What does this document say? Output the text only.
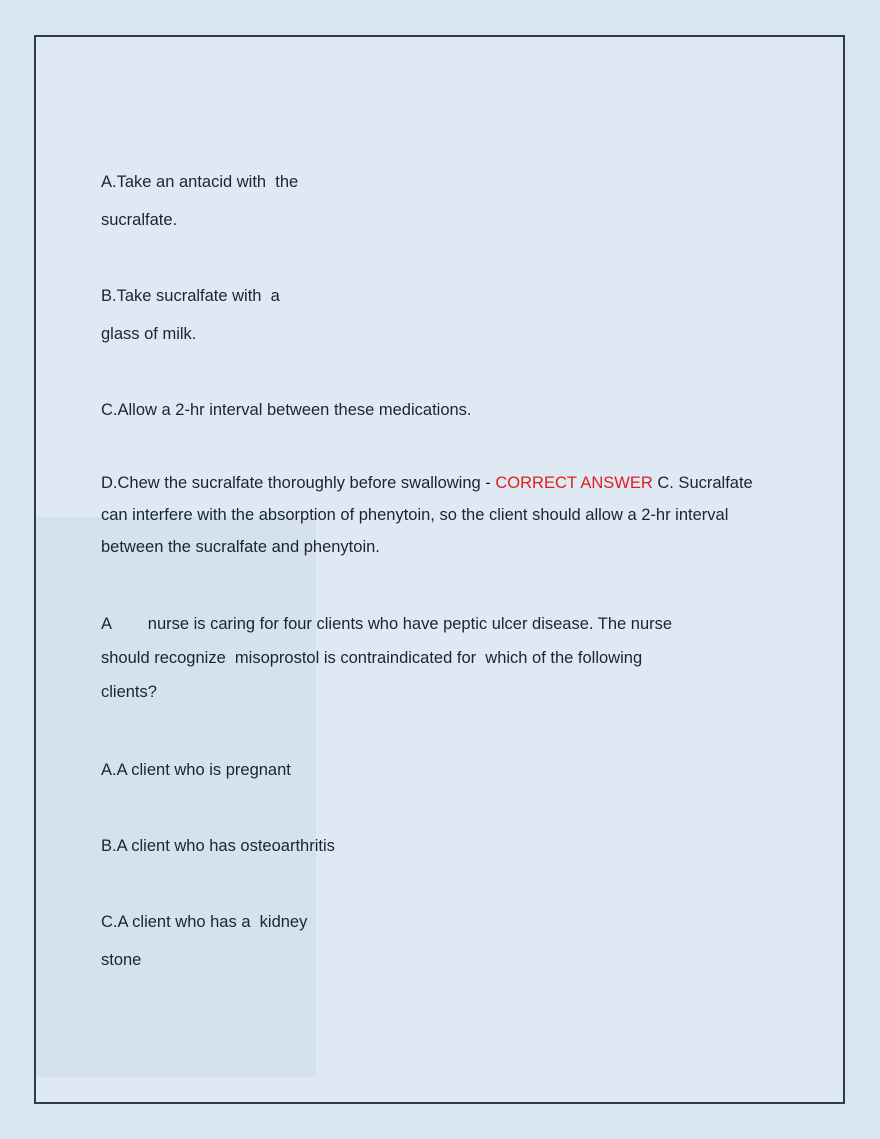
A.Take an antacid with  the
sucralfate.
B.Take sucralfate with  a
glass of milk.
C.Allow a 2-hr interval between these medications.
D.Chew the sucralfate thoroughly before swallowing - CORRECT ANSWER C. Sucralfate
can interfere with the absorption of phenytoin, so the client should allow a 2-hr interval
between the sucralfate and phenytoin.
A        nurse is caring for four clients who have peptic ulcer disease. The nurse
should recognize  misoprostol is contraindicated for  which of the following
clients?
A.A client who is pregnant
B.A client who has osteoarthritis
C.A client who has a  kidney
stone
